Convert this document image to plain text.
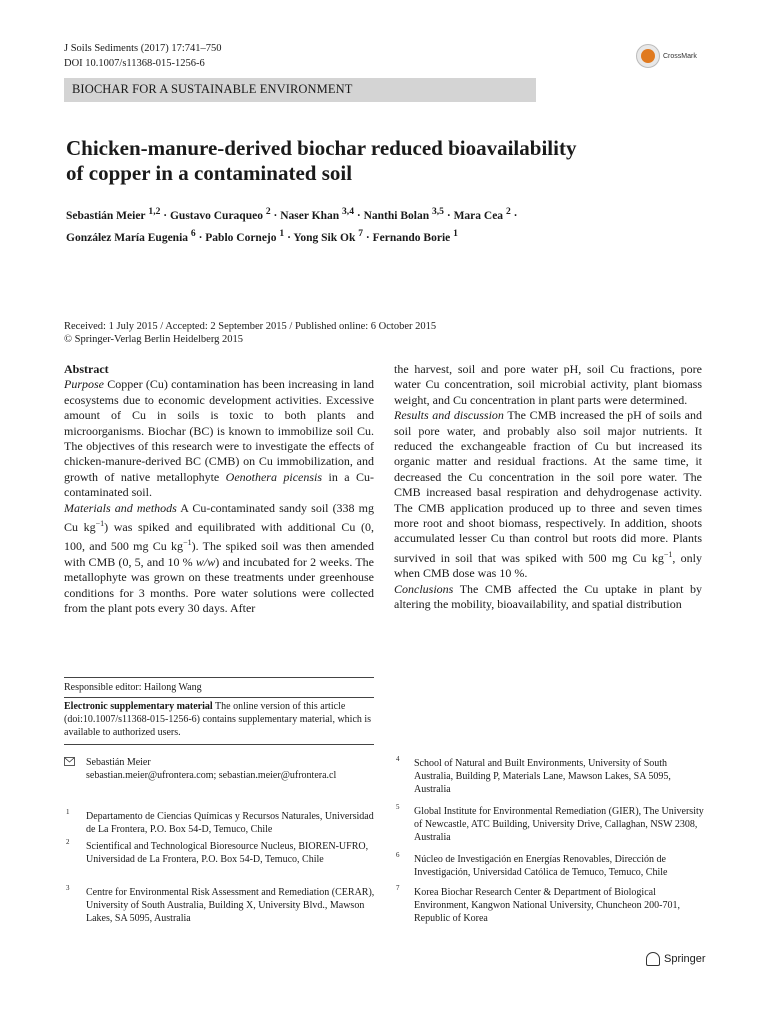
J Soils Sediments (2017) 17:741–750
DOI 10.1007/s11368-015-1256-6
CrossMark
BIOCHAR FOR A SUSTAINABLE ENVIRONMENT
Chicken-manure-derived biochar reduced bioavailability
of copper in a contaminated soil
Sebastián Meier $^{1,2}$ · Gustavo Curaqueo $^2$ · Naser Khan $^{3,4}$ · Nanthi Bolan $^{3,5}$ · Mara Cea $^2$ ·
González María Eugenia $^6$ · Pablo Cornejo $^1$ · Yong Sik Ok $^7$ · Fernando Borie $^1$
Received: 1 July 2015 / Accepted: 2 September 2015 / Published online: 6 October 2015
© Springer-Verlag Berlin Heidelberg 2015
Abstract
Purpose Copper (Cu) contamination has been increasing in land ecosystems due to economic development activities. Excessive amount of Cu in soils is toxic to both plants and microorganisms. Biochar (BC) is known to immobilize soil Cu. The objectives of this research were to investigate the effects of chicken-manure-derived BC (CMB) on Cu immobilization, and growth of native metallophyte Oenothera picensis in a Cu-contaminated soil.
Materials and methods A Cu-contaminated sandy soil (338 mg Cu $kg^{-1}$) was spiked and equilibrated with additional Cu (0, 100, and 500 mg Cu $kg^{-1}$). The spiked soil was then amended with CMB (0, 5, and 10 % w/w) and incubated for 2 weeks. The metallophyte was grown on these treatments under greenhouse conditions for 3 months. Pore water solutions were collected from the plant pots every 30 days. After
the harvest, soil and pore water pH, soil Cu fractions, pore water Cu concentration, soil microbial activity, plant biomass weight, and Cu concentration in plant parts were determined.
Results and discussion The CMB increased the pH of soils and soil pore water, and probably also soil major nutrients. It reduced the exchangeable fraction of Cu but increased its organic matter and residual fractions. At the same time, it decreased the Cu concentration in the soil pore water. The CMB increased basal respiration and dehydrogenase activity. The CMB application produced up to three and seven times more root and shoot biomass, respectively. In addition, shoots accumulated lesser Cu than control but roots did more. Plants survived in soil that was spiked with 500 mg Cu $kg^{-1}$, only when CMB dose was 10 %.
Conclusions The CMB affected the Cu uptake in plant by altering the mobility, bioavailability, and spatial distribution
Responsible editor: Hailong Wang
Electronic supplementary material The online version of this article (doi:10.1007/s11368-015-1256-6) contains supplementary material, which is available to authorized users.
Sebastián Meier
sebastian.meier@ufrontera.com; sebastian.meier@ufrontera.cl
1 Departamento de Ciencias Químicas y Recursos Naturales, Universidad de La Frontera, P.O. Box 54-D, Temuco, Chile
2 Scientifical and Technological Bioresource Nucleus, BIOREN-UFRO, Universidad de La Frontera, P.O. Box 54-D, Temuco, Chile
3 Centre for Environmental Risk Assessment and Remediation (CERAR), University of South Australia, Building X, University Blvd., Mawson Lakes, SA 5095, Australia
4 School of Natural and Built Environments, University of South Australia, Building P, Materials Lane, Mawson Lakes, SA 5095, Australia
5 Global Institute for Environmental Remediation (GIER), The University of Newcastle, ATC Building, University Drive, Callaghan, NSW 2308, Australia
6 Núcleo de Investigación en Energías Renovables, Dirección de Investigación, Universidad Católica de Temuco, Temuco, Chile
7 Korea Biochar Research Center & Department of Biological Environment, Kangwon National University, Chuncheon 200-701, Republic of Korea
Springer
